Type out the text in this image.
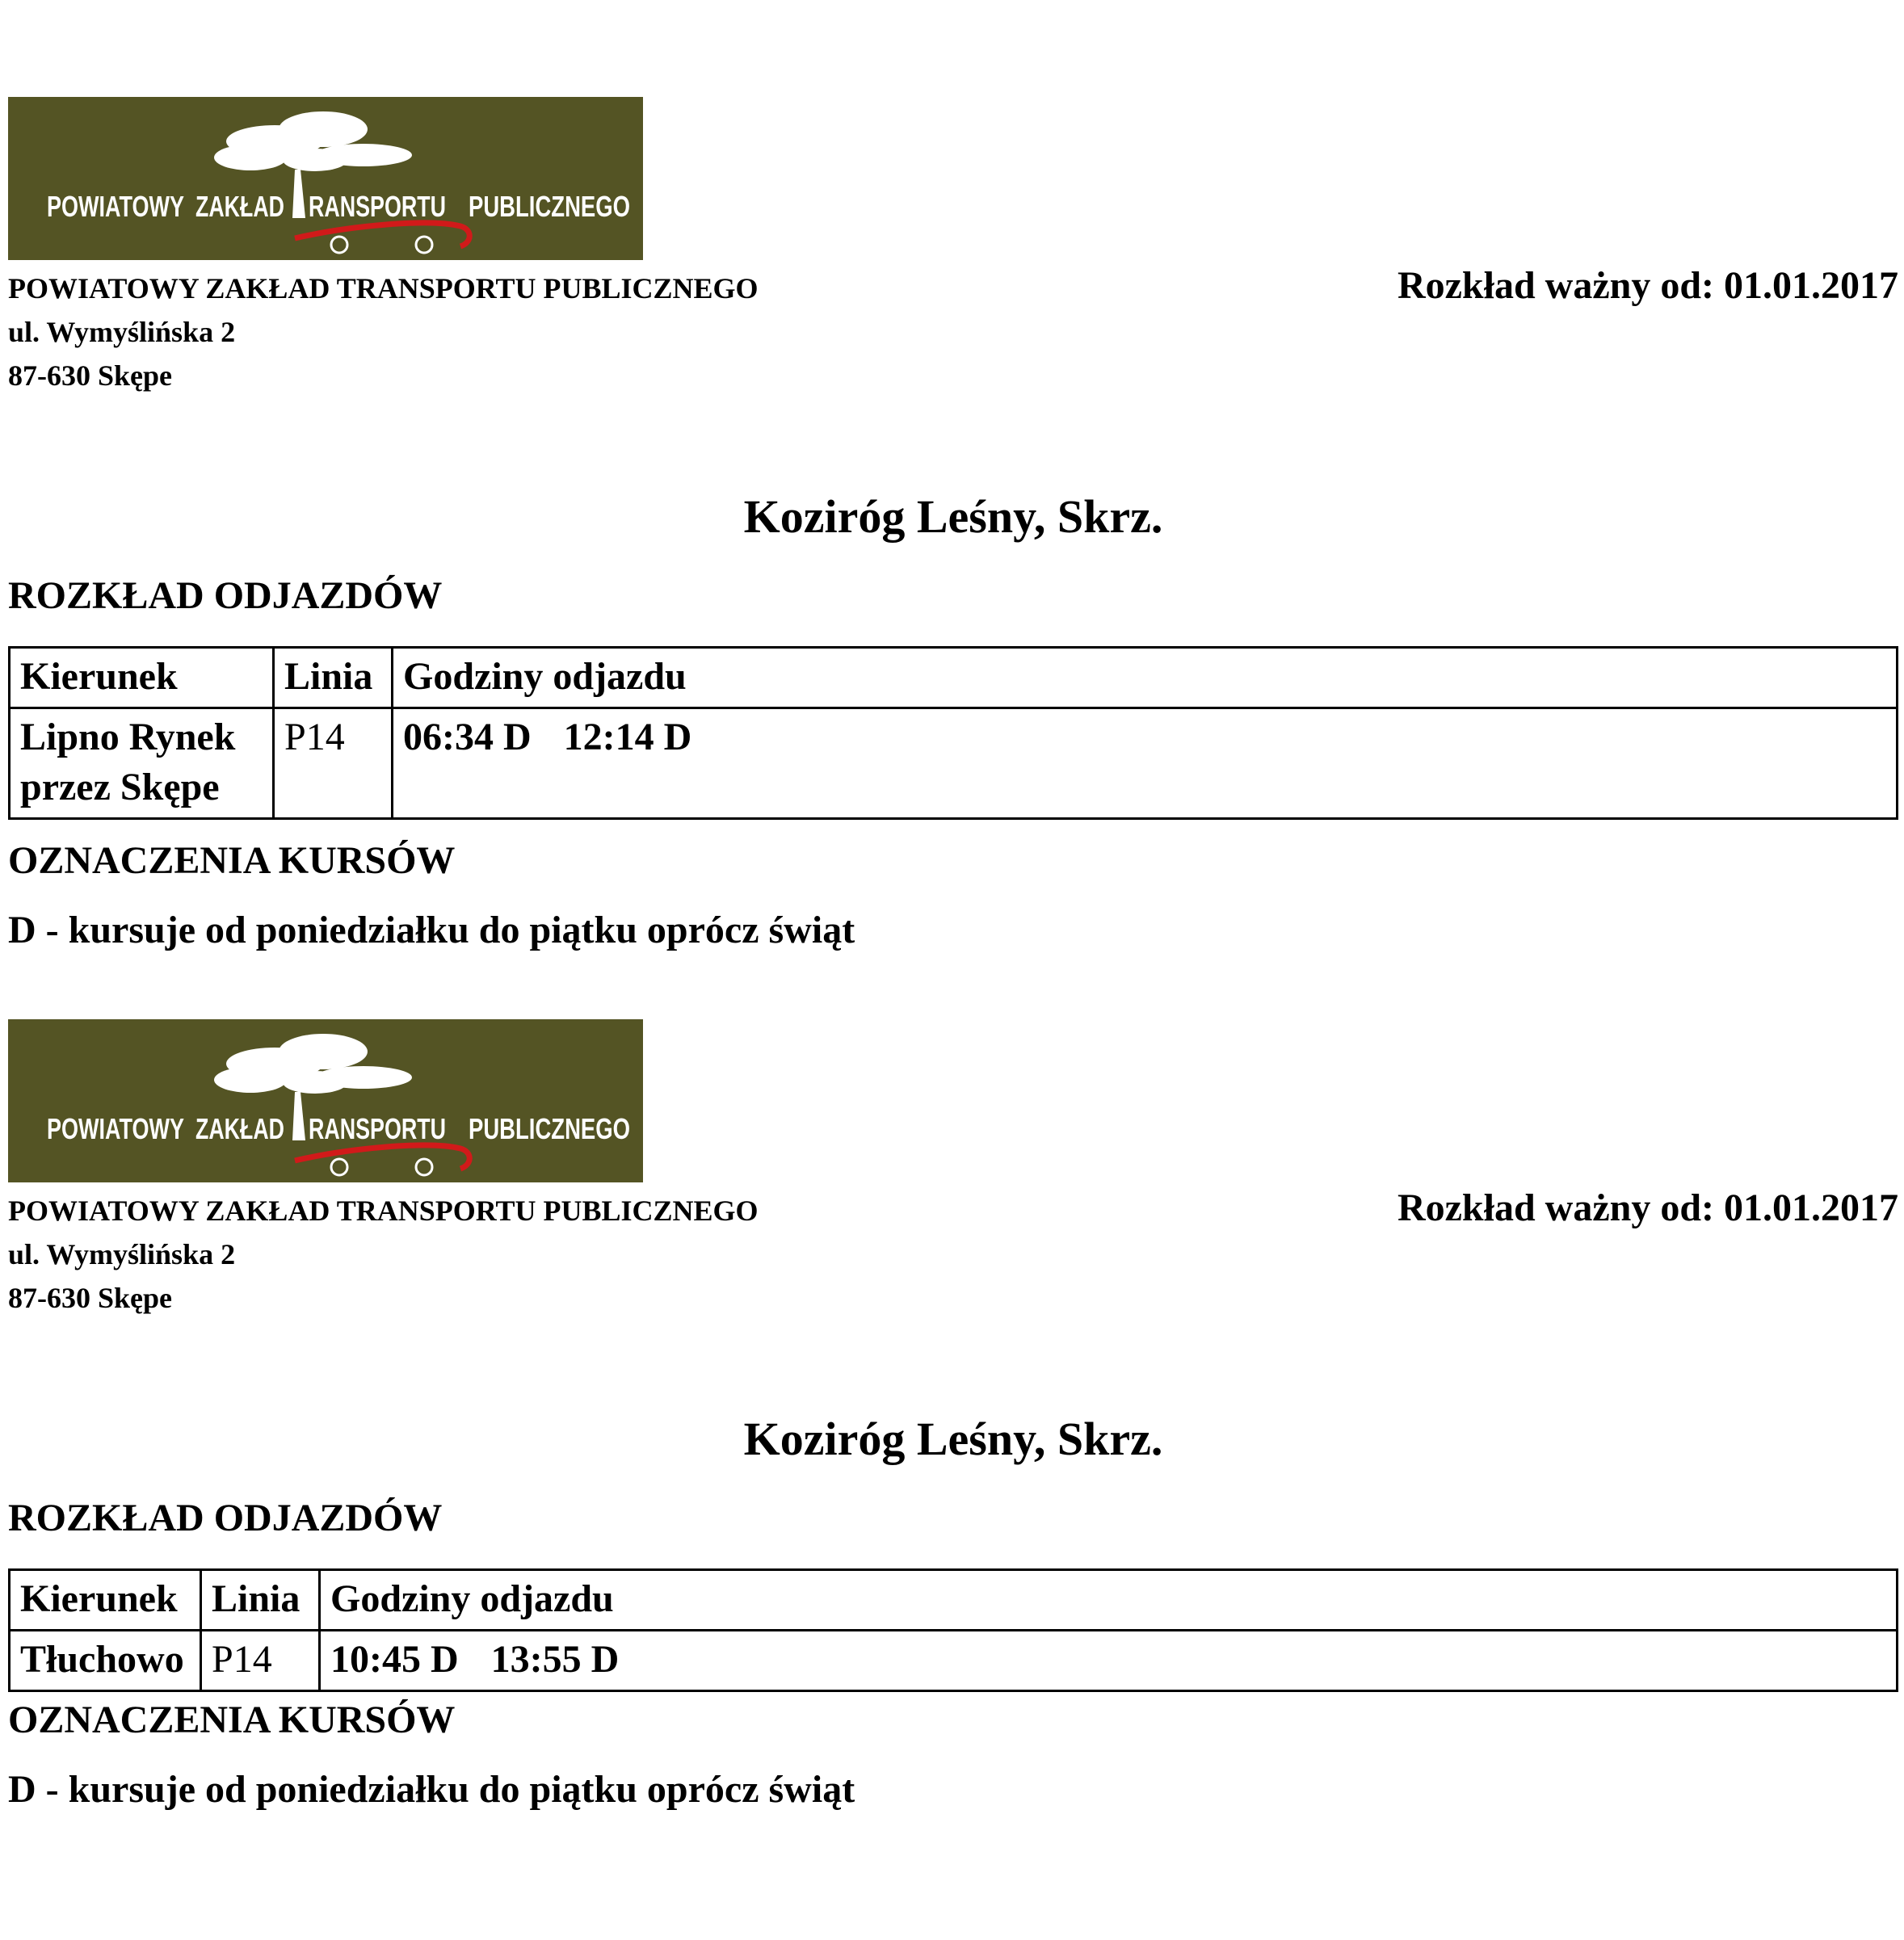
POWIATOWY ZAKŁAD RANSPORTU PUBLICZNEGO
POWIATOWY ZAKŁAD TRANSPORTU PUBLICZNEGO
ul. Wymyślińska 2
87-630 Skępe
Rozkład ważny od: 01.01.2017
Koziróg Leśny, Skrz.
ROZKŁAD ODJAZDÓW
Kierunek	Linia	Godziny odjazdu

Lipno Rynek
przez Skępe	P14	06:34 D 12:14 D
OZNACZENIA KURSÓW
D - kursuje od poniedziałku do piątku oprócz świąt
POWIATOWY ZAKŁAD RANSPORTU PUBLICZNEGO
POWIATOWY ZAKŁAD TRANSPORTU PUBLICZNEGO
ul. Wymyślińska 2
87-630 Skępe
Rozkład ważny od: 01.01.2017
Koziróg Leśny, Skrz.
ROZKŁAD ODJAZDÓW
Kierunek	Linia	Godziny odjazdu

Tłuchowo	P14	10:45 D 13:55 D
OZNACZENIA KURSÓW
D - kursuje od poniedziałku do piątku oprócz świąt
